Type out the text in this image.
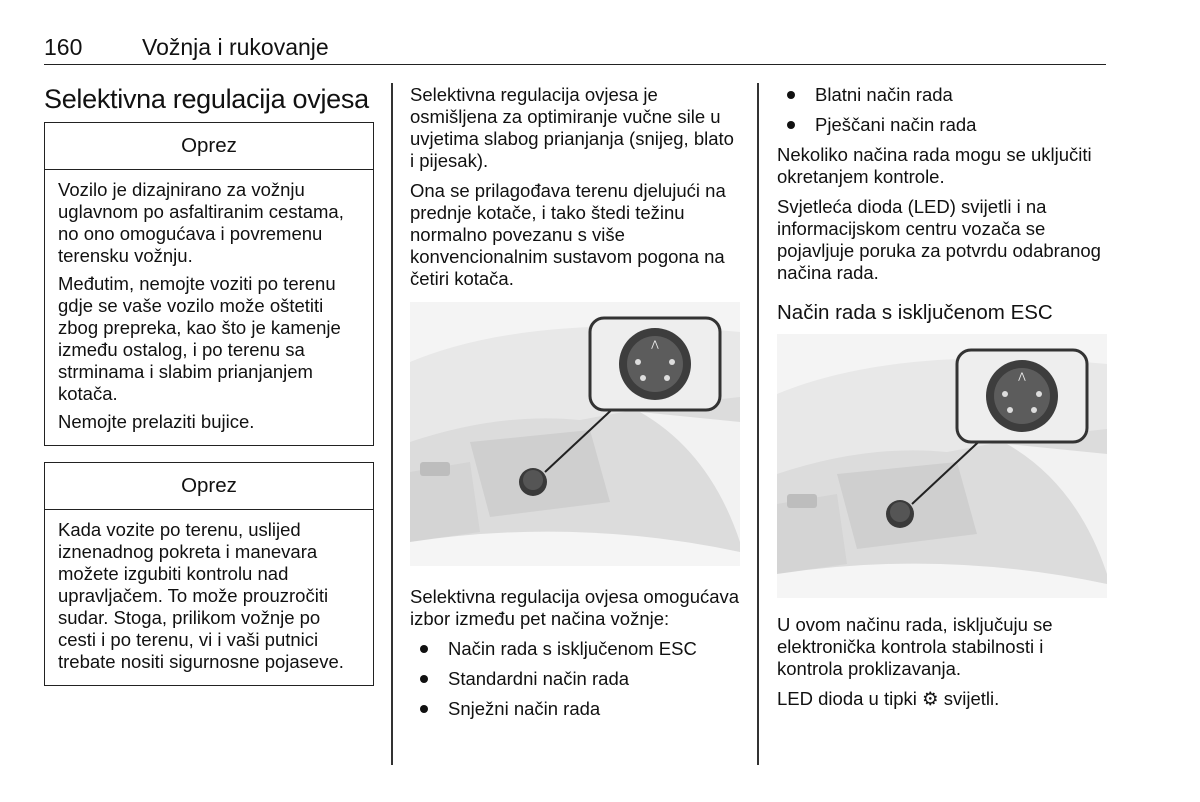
160	Vožnja i rukovanje
Selektivna regulacija ovjesa
Oprez

Vozilo je dizajnirano za vožnju uglavnom po asfaltiranim cestama, no ono omogućava i povremenu terensku vožnju.

Međutim, nemojte voziti po terenu gdje se vaše vozilo može oštetiti zbog prepreka, kao što je kamenje između ostalog, i po terenu sa strminama i slabim prianjanjem kotača.

Nemojte prelaziti bujice.

Oprez

Kada vozite po terenu, uslijed iznenadnog pokreta i manevara možete izgubiti kontrolu nad upravljačem. To može prouzročiti sudar. Stoga, prilikom vožnje po cesti i po terenu, vi i vaši putnici trebate nositi sigurnosne pojaseve.

Selektivna regulacija ovjesa je osmišljena za optimiranje vučne sile u uvjetima slabog prianjanja (snijeg, blato i pijesak).

Ona se prilagođava terenu djelujući na prednje kotače, i tako štedi težinu normalno povezanu s više konvencionalnim sustavom pogona na četiri kotača.

⋀

Selektivna regulacija ovjesa omogućava izbor između pet načina vožnje:

Način rada s isključenom ESC
Standardni način rada
Snježni način rada
Blatni način rada
Pješčani način rada

Nekoliko načina rada mogu se uključiti okretanjem kontrole.

Svjetleća dioda (LED) svijetli i na informacijskom centru vozača se pojavljuje poruka za potvrdu odabranog načina rada.

Način rada s isključenom ESC
⋀

U ovom načinu rada, isključuju se elektronička kontrola stabilnosti i kontrola proklizavanja.

LED dioda u tipki ⚙ svijetli.
